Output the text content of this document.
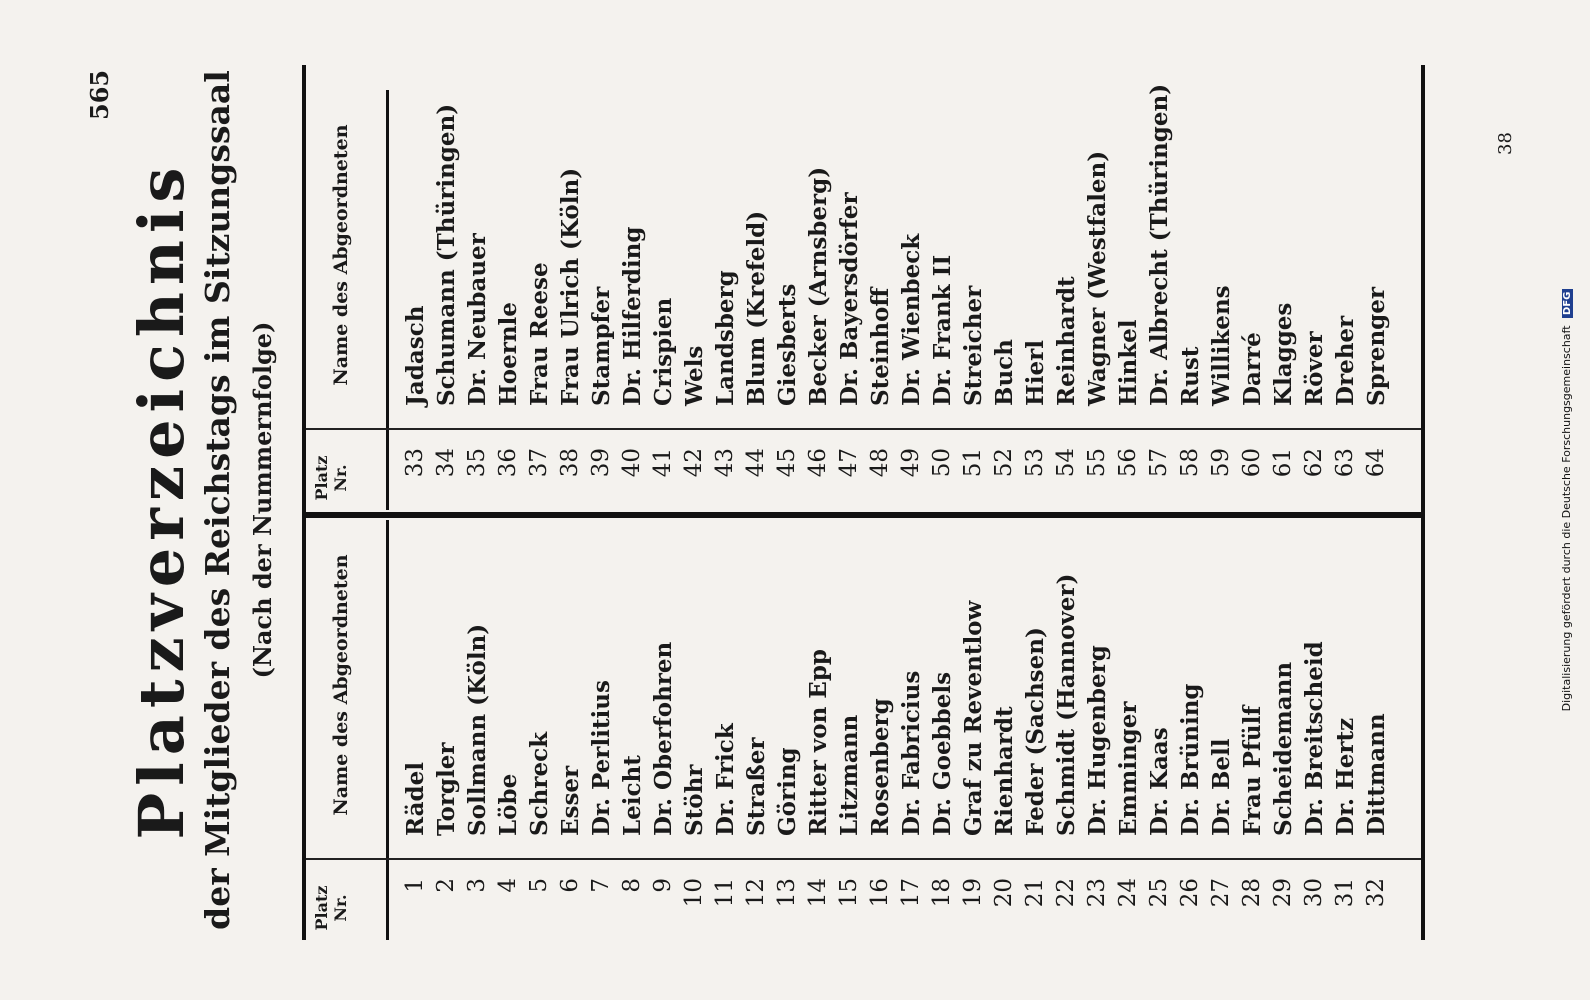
565
Platzverzeichnis der Mitglieder des Reichstags im Sitzungssaal (Nach der Nummernfolge)
Platz Nr.
Name des Abgeordneten
1
Rädel
2
Torgler
3
Sollmann (Köln)
4
Löbe
5
Schreck
6
Esser
7
Dr. Perlitius
8
Leicht
9
Dr. Oberfohren
10
Stöhr
11
Dr. Frick
12
Straßer
13
Göring
14
Ritter von Epp
15
Litzmann
16
Rosenberg
17
Dr. Fabricius
18
Dr. Goebbels
19
Graf zu Reventlow
20
Rienhardt
21
Feder (Sachsen)
22
Schmidt (Hannover)
23
Dr. Hugenberg
24
Emminger
25
Dr. Kaas
26
Dr. Brüning
27
Dr. Bell
28
Frau Pfülf
29
Scheidemann
30
Dr. Breitscheid
31
Dr. Hertz
32
Dittmann
Platz Nr.
Name des Abgeordneten
33
Jadasch
34
Schumann (Thüringen)
35
Dr. Neubauer
36
Hoernle
37
Frau Reese
38
Frau Ulrich (Köln)
39
Stampfer
40
Dr. Hilferding
41
Crispien
42
Wels
43
Landsberg
44
Blum (Krefeld)
45
Giesberts
46
Becker (Arnsberg)
47
Dr. Bayersdörfer
48
Steinhoff
49
Dr. Wienbeck
50
Dr. Frank II
51
Streicher
52
Buch
53
Hierl
54
Reinhardt
55
Wagner (Westfalen)
56
Hinkel
57
Dr. Albrecht (Thüringen)
58
Rust
59
Willikens
60
Darré
61
Klagges
62
Röver
63
Dreher
64
Sprenger
38
Digitalisierung gefördert durch die Deutsche Forschungsgemeinschaft DFG
